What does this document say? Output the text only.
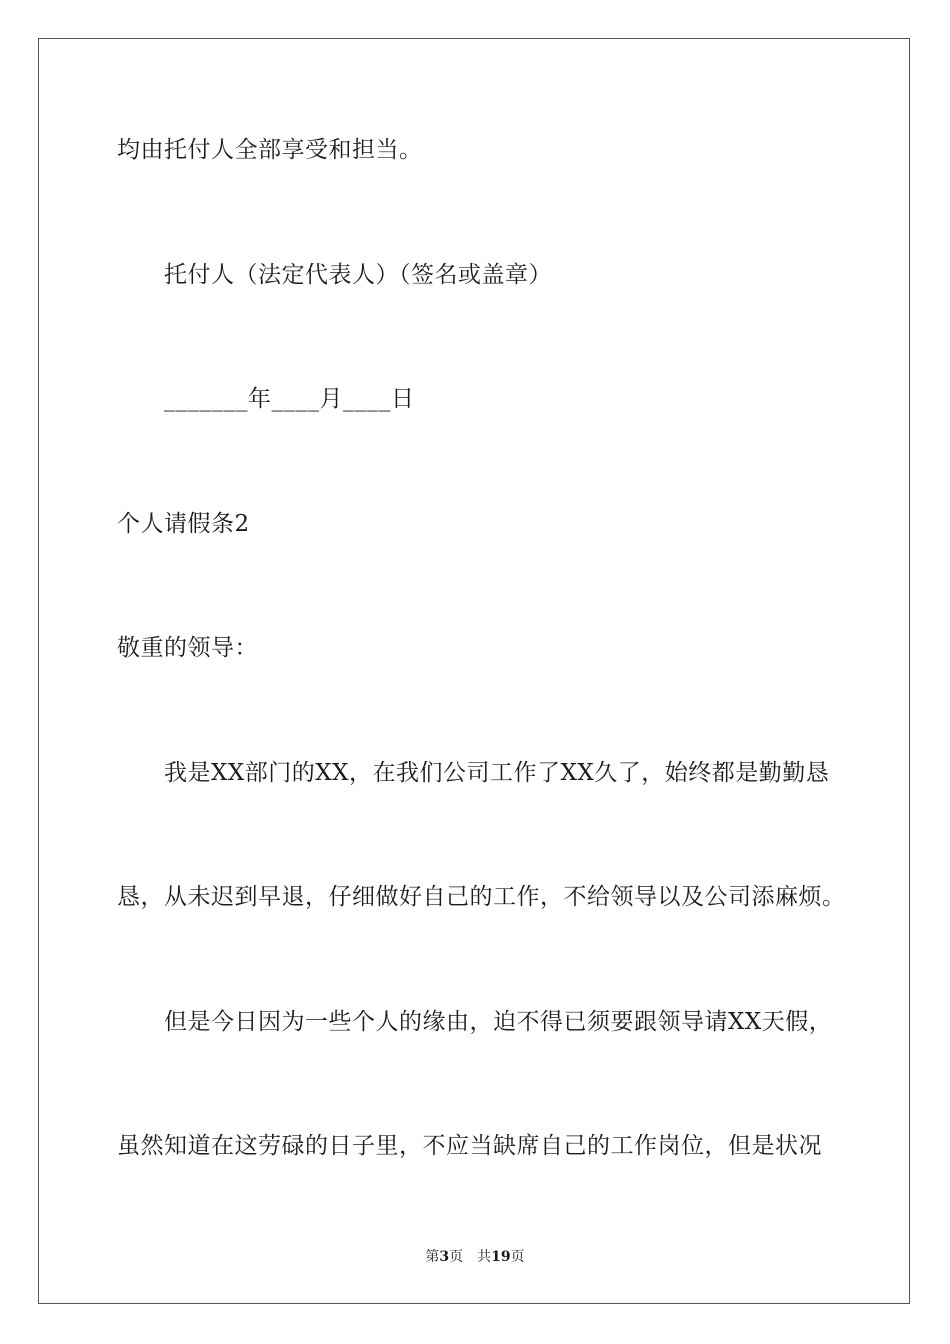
均由托付人全部享受和担当。
托付人（法定代表人）（签名或盖章）
_______年____月____日
个人请假条2
敬重的领导：
我是XX部门的XX，在我们公司工作了XX久了，始终都是勤勤恳
恳，从未迟到早退，仔细做好自己的工作，不给领导以及公司添麻烦。
但是今日因为一些个人的缘由，迫不得已须要跟领导请XX天假，
虽然知道在这劳碌的日子里，不应当缺席自己的工作岗位，但是状况
第3页 共19页
